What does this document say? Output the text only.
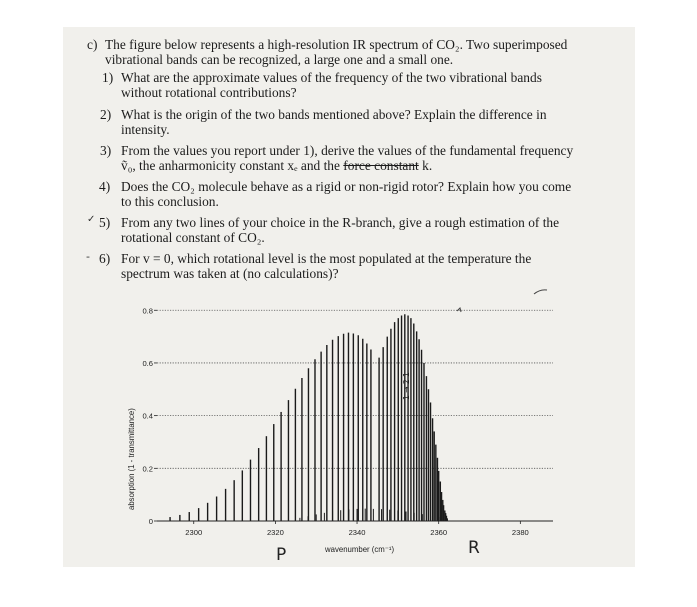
c) The figure below represents a high-resolution IR spectrum of CO₂. Two superimposed
vibrational bands can be recognized, a large one and a small one.
1) What are the approximate values of the frequency of the two vibrational bands
without rotational contributions?
2) What is the origin of the two bands mentioned above? Explain the difference in
intensity.
3) From the values you report under 1), derive the values of the fundamental frequency
ṽ₀, the anharmonicity constant xₑ and the force constant k.
4) Does the CO₂ molecule behave as a rigid or non-rigid rotor? Explain how you come
to this conclusion.
✓ 5) From any two lines of your choice in the R-branch, give a rough estimation of the
rotational constant of CO₂.
- 6) For v = 0, which rotational level is the most populated at the temperature the
spectrum was taken at (no calculations)?
0
0.2
0.4
0.6
0.8
2300	2320	2340	2360	2380
wavenumber (cm⁻¹)
absorption (1 - transmittance)
P	R
1 → 2 1
